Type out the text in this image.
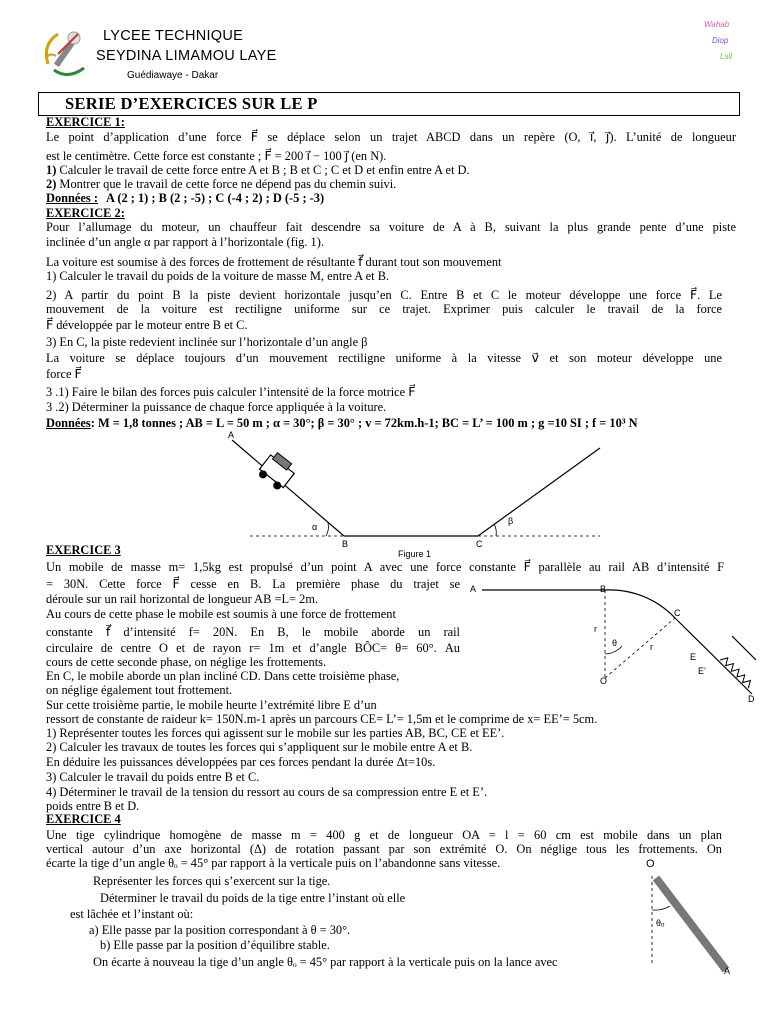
LYCEE TECHNIQUE
SEYDINA LIMAMOU LAYE
Guédiawaye - Dakar
Wahab
Diop
Lsll
SERIE D’EXERCICES SUR LE P
EXERCICE 1:
Le point d’application d’une force F⃗ se déplace selon un trajet ABCD dans un repère (O, i⃗, j⃗). L’unité de longueur
est le centimètre. Cette force est constante ; F⃗ = 200 i⃗ − 100 j⃗ (en N).
1) Calculer le travail de cette force entre A et B ; B et C ; C et D et enfin entre A et D.
2) Montrer que le travail de cette force ne dépend pas du chemin suivi.
Données : A (2 ; 1) ; B (2 ; -5) ; C (-4 ; 2) ; D (-5 ; -3)
EXERCICE 2:
Pour l’allumage du moteur, un chauffeur fait descendre sa voiture de A à B, suivant la plus grande pente d’une piste
inclinée d’un angle α par rapport à l’horizontale (fig. 1).
La voiture est soumise à des forces de frottement de résultante f⃗ durant tout son mouvement
1) Calculer le travail du poids de la voiture de masse M, entre A et B.
2) A partir du point B la piste devient horizontale jusqu’en C. Entre B et C le moteur développe une force F⃗. Le
mouvement de la voiture est rectiligne uniforme sur ce trajet. Exprimer puis calculer le travail de la force
F⃗ développée par le moteur entre B et C.
3) En C, la piste redevient inclinée sur l’horizontale d’un angle β
La voiture se déplace toujours d’un mouvement rectiligne uniforme à la vitesse v⃗ et son moteur développe une
force F⃗
3 .1) Faire le bilan des forces puis calculer l’intensité de la force motrice F⃗
3 .2) Déterminer la puissance de chaque force appliquée à la voiture.
Données: M = 1,8 tonnes ; AB = L = 50 m ; α = 30°; β = 30° ; v = 72km.h-1; BC = L’ = 100 m ; g =10 SI ; f = 10³ N
A
B	C
α
β
Figure 1
EXERCICE 3
Un mobile de masse m= 1,5kg est propulsé d’un point A avec une force constante F⃗ parallèle au rail AB d’intensité F
= 30N. Cette force F⃗ cesse en B. La première phase du trajet se
déroule sur un rail horizontal de longueur AB =L= 2m.
Au cours de cette phase le mobile est soumis à une force de frottement
constante f⃗ d’intensité f= 20N. En B, le mobile aborde un rail
circulaire de centre O et de rayon r= 1m et d’angle BÔC= θ= 60°. Au
cours de cette seconde phase, on néglige les frottements.
En C, le mobile aborde un plan incliné CD. Dans cette troisième phase,
on néglige également tout frottement.
Sur cette troisième partie, le mobile heurte l’extrémité libre E d’un
ressort de constante de raideur k= 150N.m-1 après un parcours CE= L’= 1,5m et le comprime de x= EE’= 5cm.
1) Représenter toutes les forces qui agissent sur le mobile sur les parties AB, BC, CE et EE’.
2) Calculer les travaux de toutes les forces qui s’appliquent sur le mobile entre A et B.
En déduire les puissances développées par ces forces pendant la durée Δt=10s.
3) Calculer le travail du poids entre B et C.
4) Déterminer le travail de la tension du ressort au cours de sa compression entre E et E’.
poids entre B et D.
A	B
C
r
θ	r
O
E
E’
D
EXERCICE 4
Une tige cylindrique homogène de masse m = 400 g et de longueur OA = l = 60 cm est mobile dans un plan
vertical autour d’un axe horizontal (Δ) de rotation passant par son extrémité O. On néglige tous les frottements. On
écarte la tige d’un angle θₒ = 45° par rapport à la verticale puis on l’abandonne sans vitesse.
Représenter les forces qui s’exercent sur la tige.
Déterminer le travail du poids de la tige entre l’instant où elle
est lâchée et l’instant où:
a) Elle passe par la position correspondant à θ = 30°.
b) Elle passe par la position d’équilibre stable.
On écarte à nouveau la tige d’un angle θₒ = 45° par rapport à la verticale puis on la lance avec
O
θₒ
A
